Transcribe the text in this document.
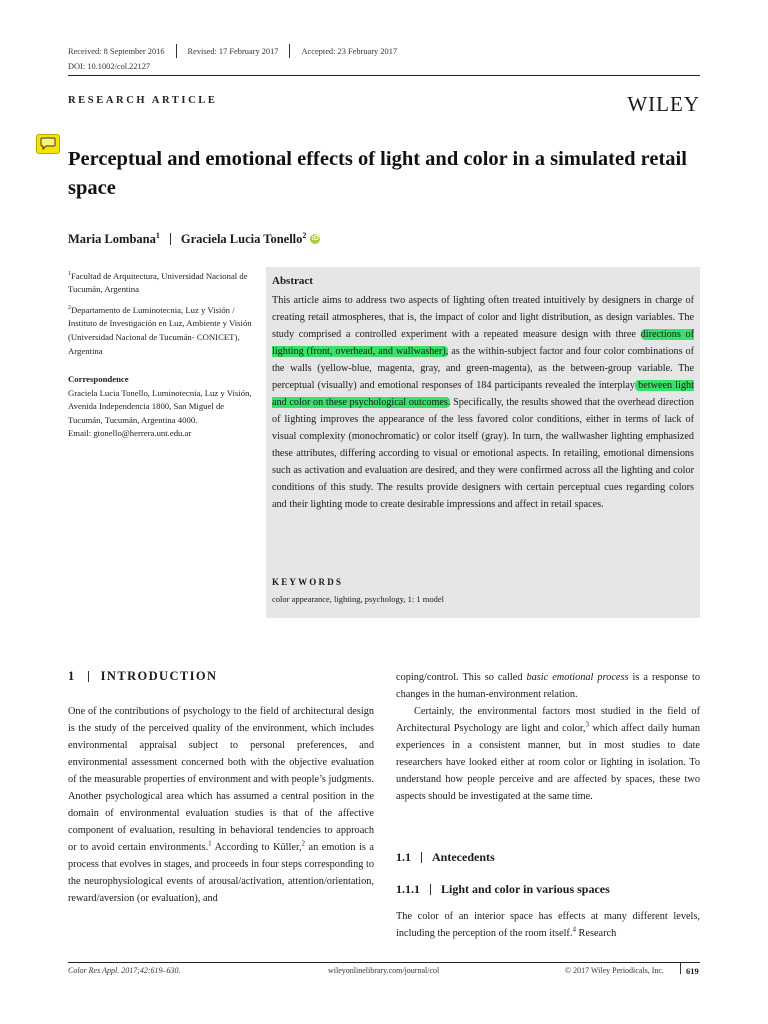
Received: 8 September 2016	Revised: 17 February 2017	Accepted: 23 February 2017
DOI: 10.1002/col.22127
RESEARCH ARTICLE	WILEY
Perceptual and emotional effects of light and color in a simulated retail space
Maria Lombana$^1$ Graciela Lucia Tonello$^2$ iD
$^1$Facultad de Arquitectura, Universidad Nacional de Tucumán, Argentina
$^2$Departamento de Luminotecnia, Luz y Visión / Instituto de Investigación en Luz, Ambiente y Visión (Universidad Nacional de Tucumán- CONICET), Argentina
Correspondence
Graciela Lucia Tonello, Luminotecnia, Luz y Visión, Avenida Independencia 1800, San Miguel de Tucumán, Tucumán, Argentina 4000.
Email: gtonello@herrera.unt.edu.ar
Abstract
This article aims to address two aspects of lighting often treated intuitively by designers in charge of creating retail atmospheres, that is, the impact of color and light distribution, as design variables. The study comprised a controlled experiment with a repeated measure design with three directions of lighting (front, overhead, and wallwasher), as the within-subject factor and four color combinations of the walls (yellow-blue, magenta, gray, and green-magenta), as the between-group variable. The perceptual (visually) and emotional responses of 184 participants revealed the interplay between light and color on these psychological outcomes. Specifically, the results showed that the overhead direction of lighting improves the appearance of the less favored color conditions, either in terms of lack of visual complexity (monochromatic) or color itself (gray). In turn, the wallwasher lighting emphasized these attributes, differing according to visual or emotional aspects. In retailing, emotional dimensions such as activation and evaluation are desired, and they were confirmed across all the lighting and color conditions of this study. The results provide designers with certain perceptual cues regarding colors and their lighting mode to create desirable impressions and affect in retail spaces.
KEYWORDS
color appearance, lighting, psychology, 1: 1 model
1 INTRODUCTION
One of the contributions of psychology to the field of architectural design is the study of the perceived quality of the environment, which includes environmental appraisal subject to personal preferences, and environmental assessment concerned both with the objective evaluation of the measurable properties of environment and with people’s judgments. Another psychological area which has assumed a central position in the domain of environmental evaluation studies is that of the affective component of evaluation, resulting in behavioral tendencies to approach or to avoid certain environments.$^1$ According to Küller,$^2$ an emotion is a process that evolves in stages, and proceeds in four steps corresponding to the neurophysiological events of arousal/activation, attention/orientation, reward/aversion (or evaluation), and
coping/control. This so called basic emotional process is a response to changes in the human-environment relation.
Certainly, the environmental factors most studied in the field of Architectural Psychology are light and color,$^3$ which affect daily human experiences in a consistent manner, but in most studies to date researchers have looked either at room color or lighting in isolation. To understand how people perceive and are affected by spaces, these two aspects should be investigated at the same time.
1.1 Antecedents
1.1.1 Light and color in various spaces
The color of an interior space has effects at many different levels, including the perception of the room itself.$^4$ Research
Color Res Appl. 2017;42:619–630.	wileyonlinelibrary.com/journal/col	© 2017 Wiley Periodicals, Inc.	619
